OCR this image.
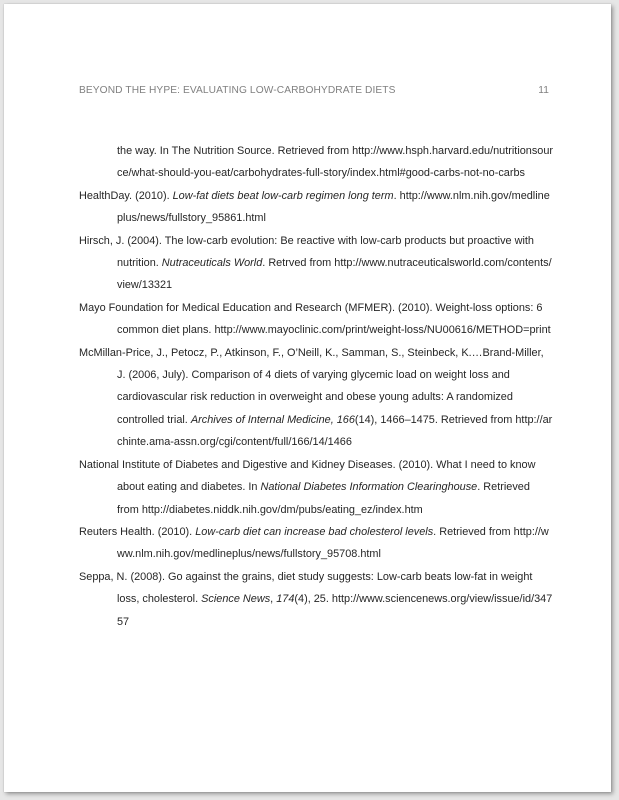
BEYOND THE HYPE: EVALUATING LOW-CARBOHYDRATE DIETS	11

the way. In The Nutrition Source. Retrieved from http://www.hsph.harvard.edu/nutritionsource/what-should-you-eat/carbohydrates-full-story/index.html#good-carbs-not-no-carbs

HealthDay. (2010). Low-fat diets beat low-carb regimen long term. http://www.nlm.nih.gov/medlineplus/news/fullstory_95861.html

Hirsch, J. (2004). The low-carb evolution: Be reactive with low-carb products but proactive with nutrition. Nutraceuticals World. Retrved from http://www.nutraceuticalsworld.com/contents/view/13321

Mayo Foundation for Medical Education and Research (MFMER). (2010). Weight-loss options: 6 common diet plans. http://www.mayoclinic.com/print/weight-loss/NU00616/METHOD=print

McMillan-Price, J., Petocz, P., Atkinson, F., O’Neill, K., Samman, S., Steinbeck, K.…Brand-Miller, J. (2006, July). Comparison of 4 diets of varying glycemic load on weight loss and cardiovascular risk reduction in overweight and obese young adults: A randomized controlled trial. Archives of Internal Medicine, 166(14), 1466–1475. Retrieved from http://archinte.ama-assn.org/cgi/content/full/166/14/1466

National Institute of Diabetes and Digestive and Kidney Diseases. (2010). What I need to know about eating and diabetes. In National Diabetes Information Clearinghouse. Retrieved from http://diabetes.niddk.nih.gov/dm/pubs/eating_ez/index.htm

Reuters Health. (2010). Low-carb diet can increase bad cholesterol levels. Retrieved from http://www.nlm.nih.gov/medlineplus/news/fullstory_95708.html

Seppa, N. (2008). Go against the grains, diet study suggests: Low-carb beats low-fat in weight loss, cholesterol. Science News, 174(4), 25. http://www.sciencenews.org/view/issue/id/34757
